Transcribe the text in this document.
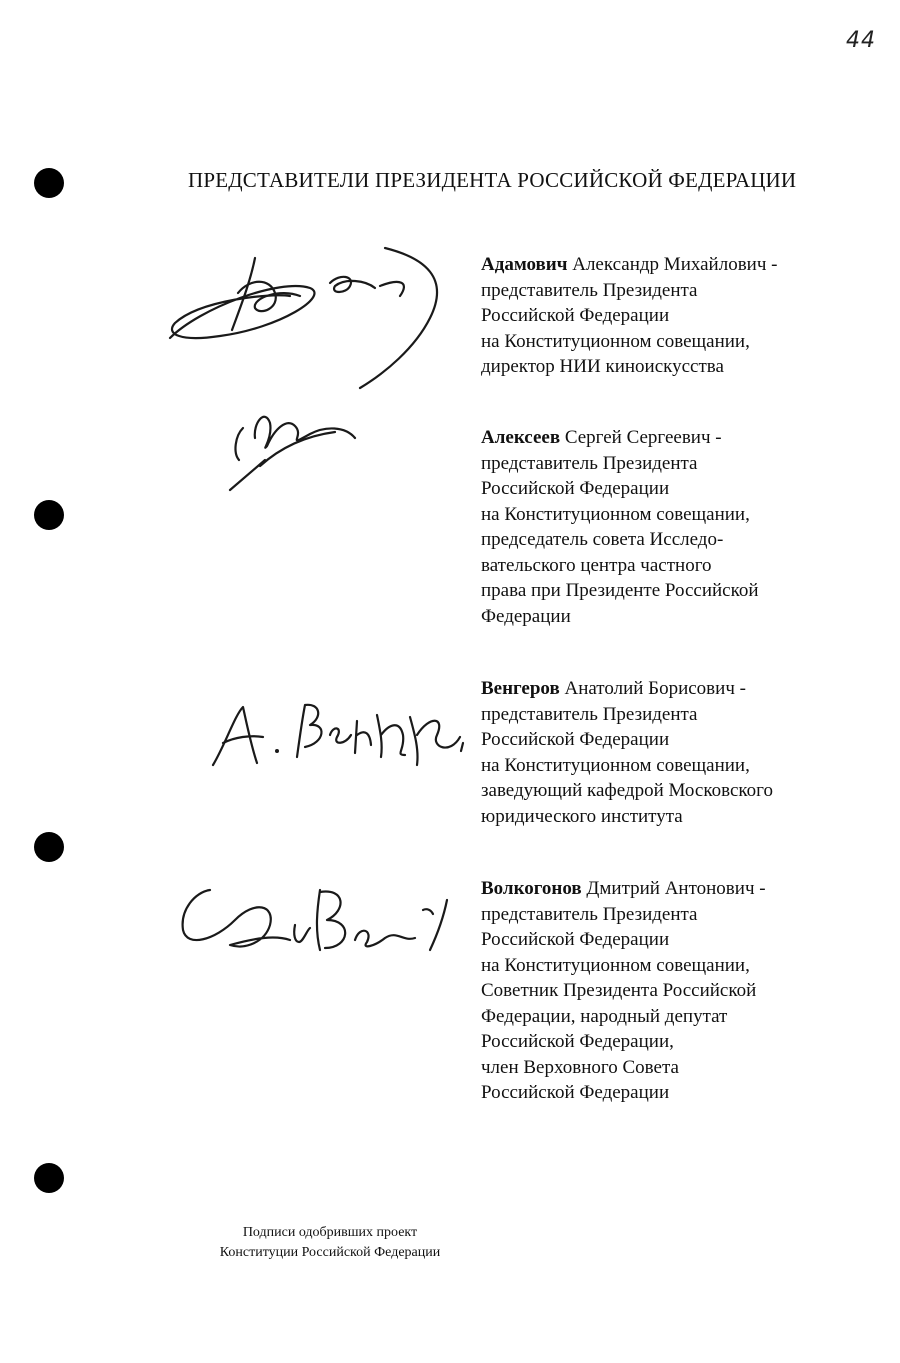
44
ПРЕДСТАВИТЕЛИ ПРЕЗИДЕНТА РОССИЙСКОЙ ФЕДЕРАЦИИ
Адамович Александр Михайлович -
представитель Президента
Российской Федерации
на Конституционном совещании,
директор НИИ киноискусства
Алексеев Сергей Сергеевич -
представитель Президента
Российской Федерации
на Конституционном совещании,
председатель совета Исследо-
вательского центра частного
права при Президенте Российской
Федерации
Венгеров Анатолий Борисович -
представитель Президента
Российской Федерации
на Конституционном совещании,
заведующий кафедрой Московского
юридического института
Волкогонов Дмитрий Антонович -
представитель Президента
Российской Федерации
на Конституционном совещании,
Советник Президента Российской
Федерации, народный депутат
Российской Федерации,
член Верховного Совета
Российской Федерации
Подписи одобривших проект
Конституции Российской Федерации
